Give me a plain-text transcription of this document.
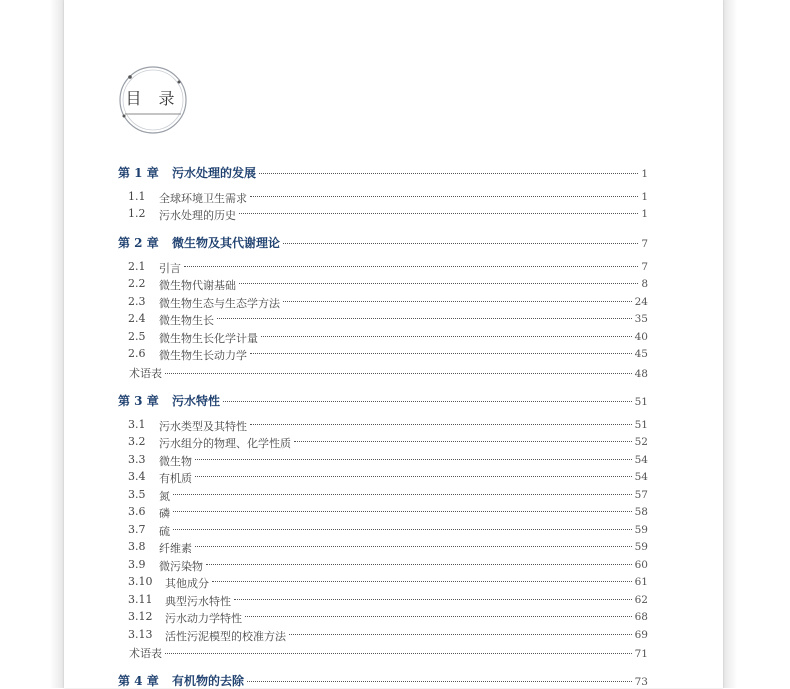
目 录
第 1 章	污水处理的发展	1
1.1	全球环境卫生需求	1
1.2	污水处理的历史	1
第 2 章	微生物及其代谢理论	7
2.1	引言	7
2.2	微生物代谢基础	8
2.3	微生物生态与生态学方法	24
2.4	微生物生长	35
2.5	微生物生长化学计量	40
2.6	微生物生长动力学	45
术语表	48
第 3 章	污水特性	51
3.1	污水类型及其特性	51
3.2	污水组分的物理、化学性质	52
3.3	微生物	54
3.4	有机质	54
3.5	氮	57
3.6	磷	58
3.7	硫	59
3.8	纤维素	59
3.9	微污染物	60
3.10	其他成分	61
3.11	典型污水特性	62
3.12	污水动力学特性	68
3.13	活性污泥模型的校准方法	69
术语表	71
第 4 章	有机物的去除	73
